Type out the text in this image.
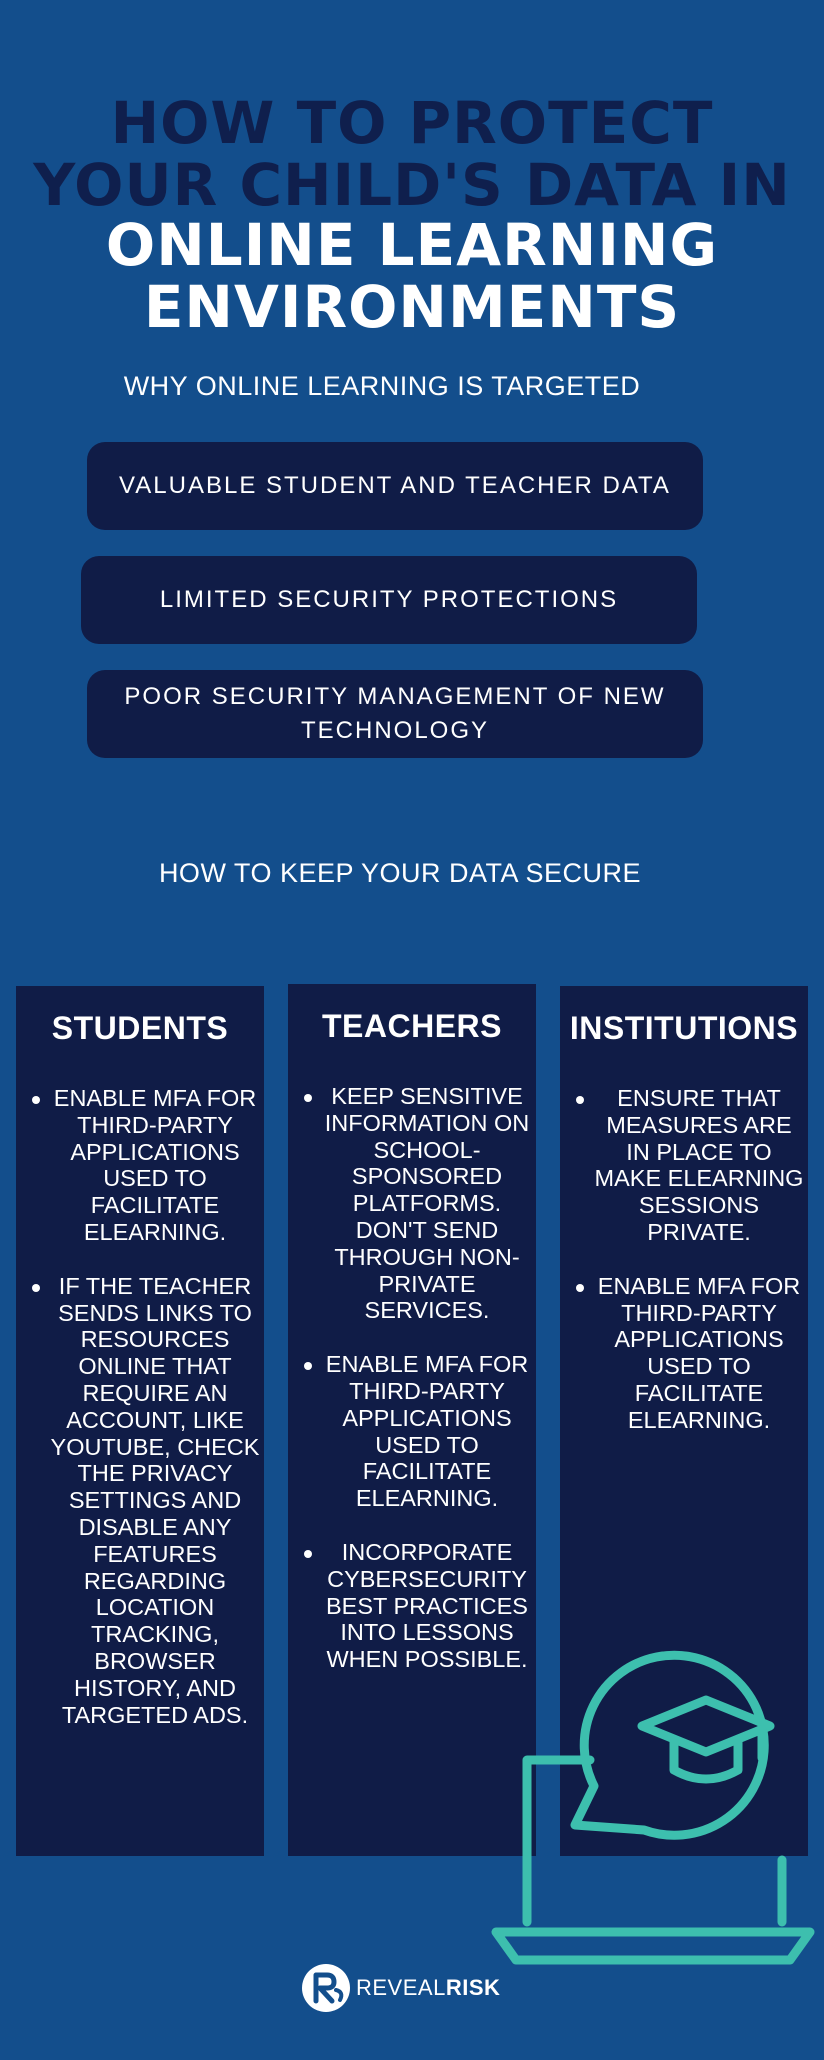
HOW TO PROTECT
YOUR CHILD'S DATA IN
ONLINE LEARNING
ENVIRONMENTS
WHY ONLINE LEARNING IS TARGETED
VALUABLE STUDENT AND TEACHER DATA
LIMITED SECURITY PROTECTIONS
POOR SECURITY MANAGEMENT OF NEW TECHNOLOGY
HOW TO KEEP YOUR DATA SECURE
STUDENTS
ENABLE MFA FOR THIRD-PARTY APPLICATIONS USED TO FACILITATE ELEARNING.
IF THE TEACHER SENDS LINKS TO RESOURCES ONLINE THAT REQUIRE AN ACCOUNT, LIKE YOUTUBE, CHECK THE PRIVACY SETTINGS AND DISABLE ANY FEATURES REGARDING LOCATION TRACKING, BROWSER HISTORY, AND TARGETED ADS.
TEACHERS
KEEP SENSITIVE INFORMATION ON SCHOOL-SPONSORED PLATFORMS. DON'T SEND THROUGH NON-PRIVATE SERVICES.
ENABLE MFA FOR THIRD-PARTY APPLICATIONS USED TO FACILITATE ELEARNING.
INCORPORATE CYBERSECURITY BEST PRACTICES INTO LESSONS WHEN POSSIBLE.
INSTITUTIONS
ENSURE THAT MEASURES ARE IN PLACE TO MAKE ELEARNING SESSIONS PRIVATE.
ENABLE MFA FOR THIRD-PARTY APPLICATIONS USED TO FACILITATE ELEARNING.
REVEALRISK
